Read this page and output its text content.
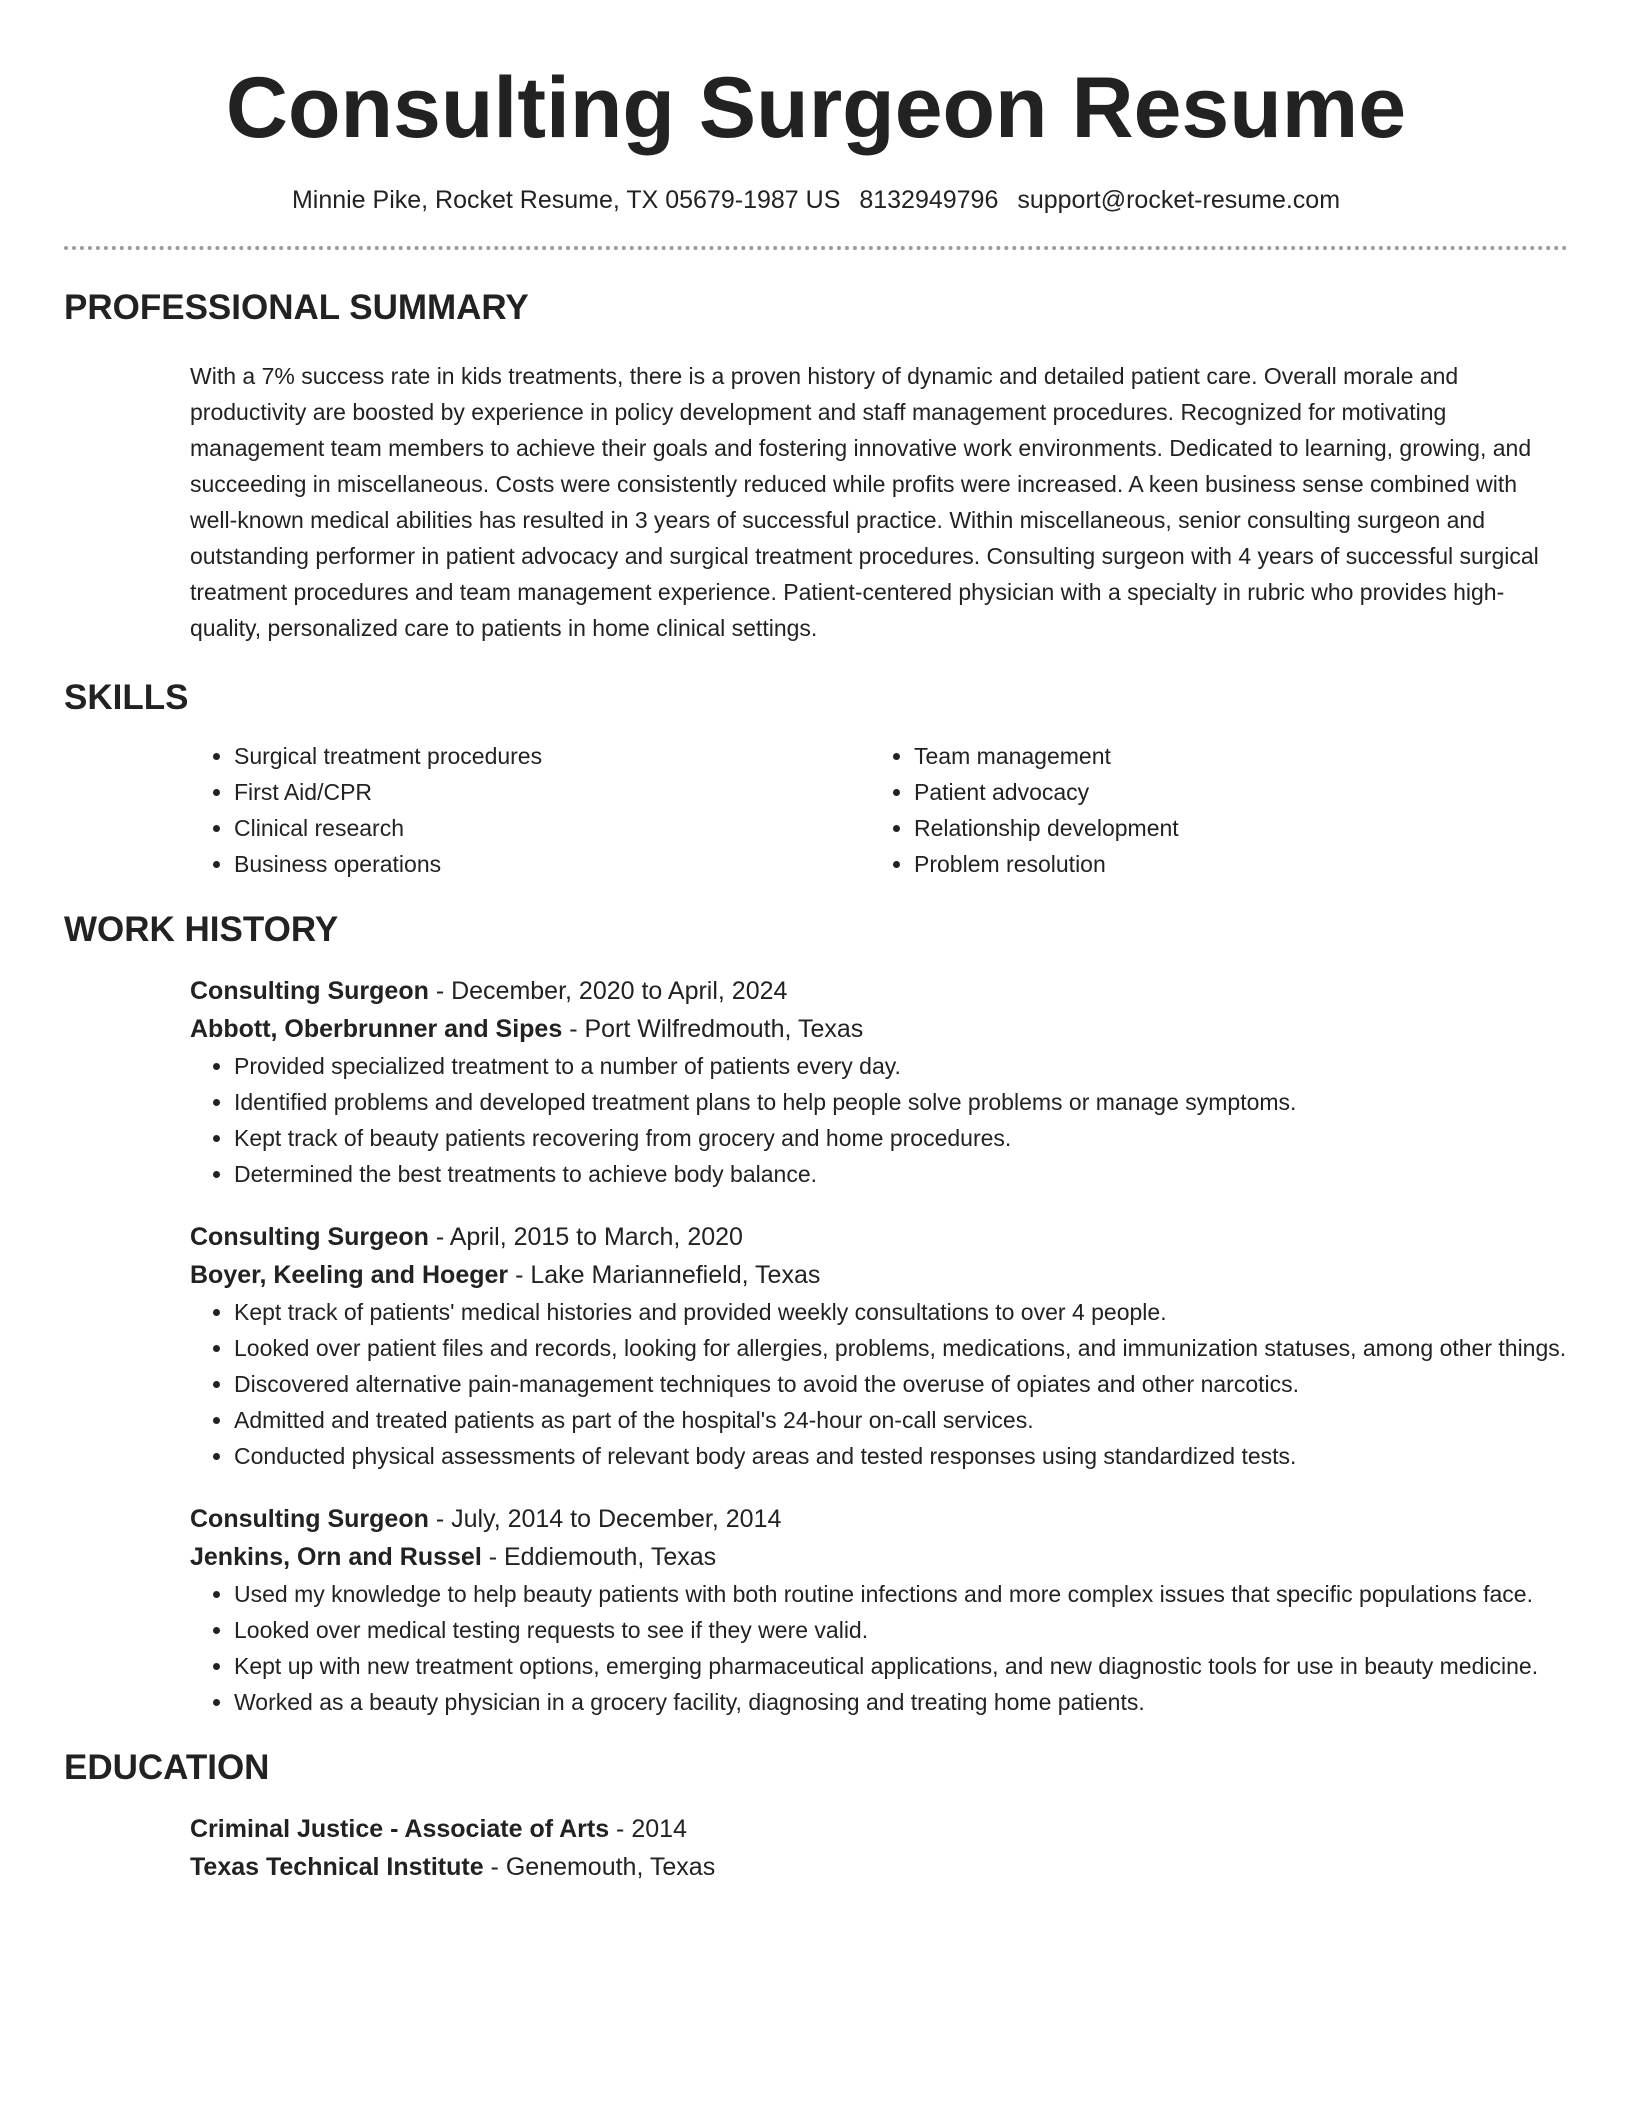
Consulting Surgeon Resume
Minnie Pike, Rocket Resume, TX 05679-1987 US 8132949796 support@rocket-resume.com
PROFESSIONAL SUMMARY

With a 7% success rate in kids treatments, there is a proven history of dynamic and detailed patient care. Overall morale and productivity are boosted by experience in policy development and staff management procedures. Recognized for motivating management team members to achieve their goals and fostering innovative work environments. Dedicated to learning, growing, and succeeding in miscellaneous. Costs were consistently reduced while profits were increased. A keen business sense combined with well-known medical abilities has resulted in 3 years of successful practice. Within miscellaneous, senior consulting surgeon and outstanding performer in patient advocacy and surgical treatment procedures. Consulting surgeon with 4 years of successful surgical treatment procedures and team management experience. Patient-centered physician with a specialty in rubric who provides high-quality, personalized care to patients in home clinical settings.

SKILLS
• Surgical treatment procedures
• First Aid/CPR
• Clinical research
• Business operations
• Team management
• Patient advocacy
• Relationship development
• Problem resolution
WORK HISTORY
Consulting Surgeon - December, 2020 to April, 2024
Abbott, Oberbrunner and Sipes - Port Wilfredmouth, Texas
• Provided specialized treatment to a number of patients every day.
• Identified problems and developed treatment plans to help people solve problems or manage symptoms.
• Kept track of beauty patients recovering from grocery and home procedures.
• Determined the best treatments to achieve body balance.
Consulting Surgeon - April, 2015 to March, 2020
Boyer, Keeling and Hoeger - Lake Mariannefield, Texas
• Kept track of patients' medical histories and provided weekly consultations to over 4 people.
• Looked over patient files and records, looking for allergies, problems, medications, and immunization statuses, among other things.
• Discovered alternative pain-management techniques to avoid the overuse of opiates and other narcotics.
• Admitted and treated patients as part of the hospital's 24-hour on-call services.
• Conducted physical assessments of relevant body areas and tested responses using standardized tests.
Consulting Surgeon - July, 2014 to December, 2014
Jenkins, Orn and Russel - Eddiemouth, Texas
• Used my knowledge to help beauty patients with both routine infections and more complex issues that specific populations face.
• Looked over medical testing requests to see if they were valid.
• Kept up with new treatment options, emerging pharmaceutical applications, and new diagnostic tools for use in beauty medicine.
• Worked as a beauty physician in a grocery facility, diagnosing and treating home patients.
EDUCATION
Criminal Justice - Associate of Arts - 2014
Texas Technical Institute - Genemouth, Texas
